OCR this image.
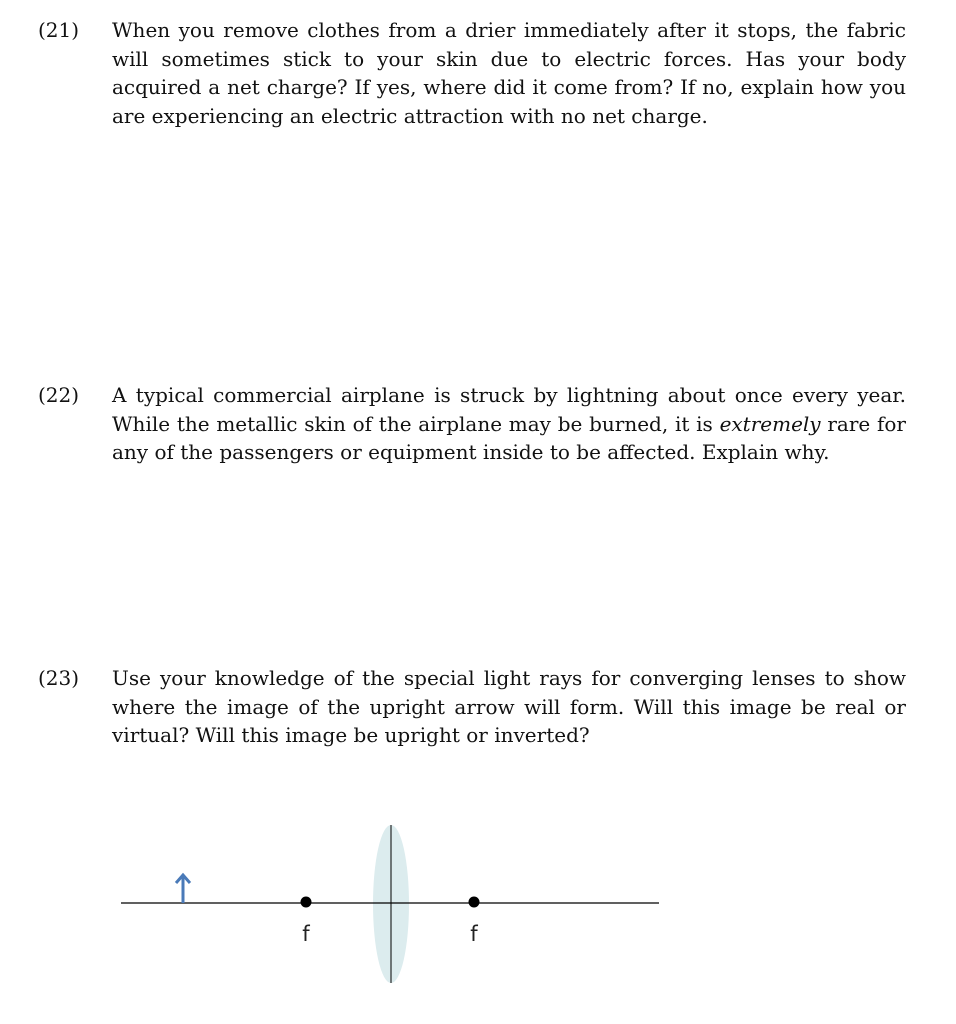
(21) When you remove clothes from a drier immediately after it stops, the fabric will sometimes stick to your skin due to electric forces. Has your body acquired a net charge? If yes, where did it come from? If no, explain how you are experiencing an electric attraction with no net charge.
(22) A typical commercial airplane is struck by lightning about once every year. While the metallic skin of the airplane may be burned, it is extremely rare for any of the passengers or equipment inside to be affected. Explain why.
(23) Use your knowledge of the special light rays for converging lenses to show where the image of the upright arrow will form. Will this image be real or virtual? Will this image be upright or inverted?
f	f
